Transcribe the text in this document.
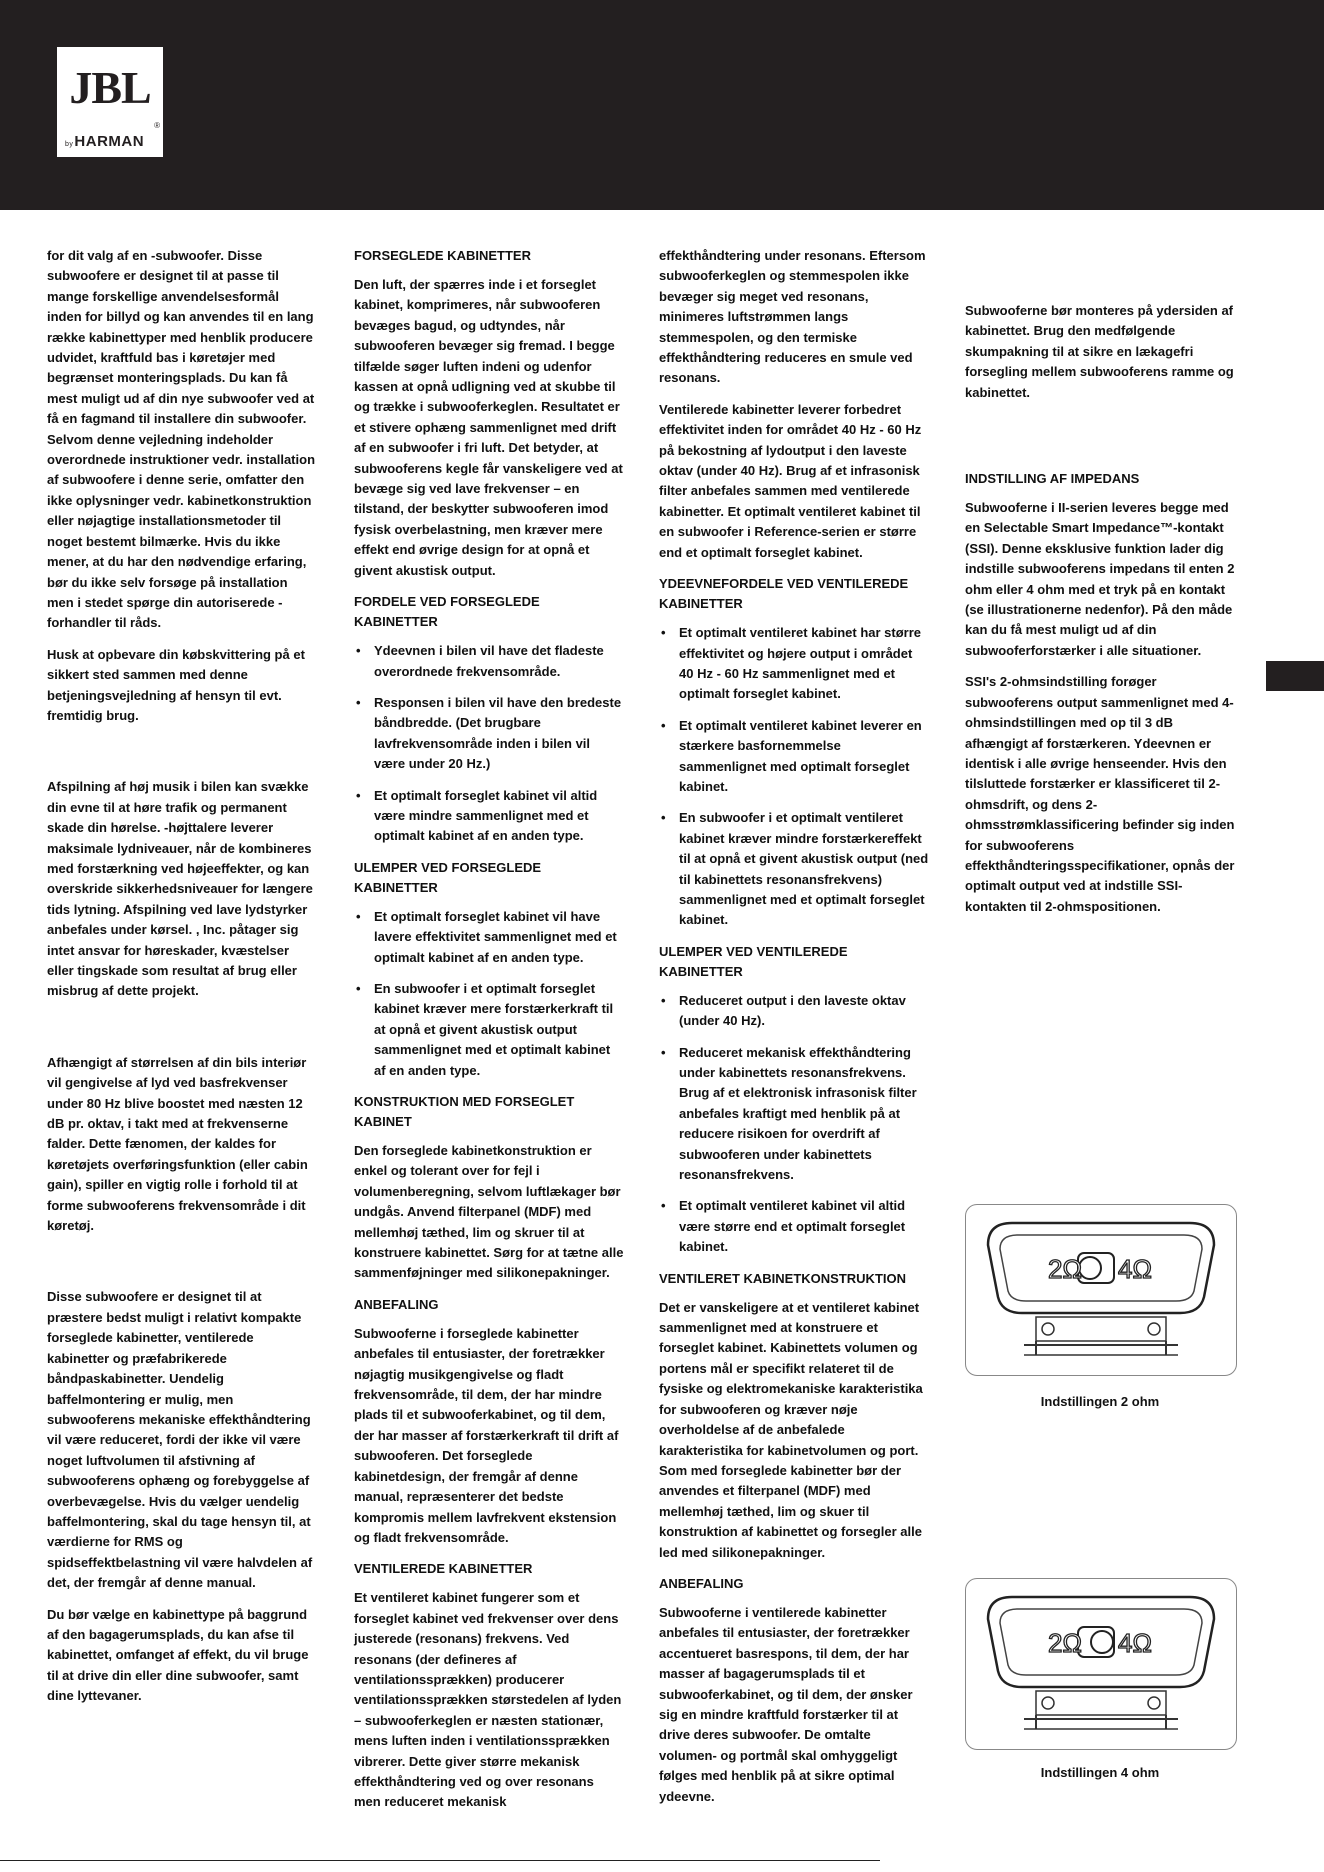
JBL
byHARMAN
®

for dit valg af en -subwoofer. Disse subwoofere er designet til at passe til mange forskellige anvendelsesformål inden for billyd og kan anvendes til en lang række kabinettyper med henblik producere udvidet, kraftfuld bas i køretøjer med begrænset monteringsplads. Du kan få mest muligt ud af din nye subwoofer ved at få en fagmand til installere din subwoofer. Selvom denne vejledning indeholder overordnede instruktioner vedr. installation af subwoofere i denne serie, omfatter den ikke oplysninger vedr. kabinetkonstruktion eller nøjagtige installationsmetoder til noget bestemt bilmærke. Hvis du ikke mener, at du har den nødvendige erfaring, bør du ikke selv forsøge på installation men i stedet spørge din autoriserede -forhandler til råds.

Husk at opbevare din købskvittering på et sikkert sted sammen med denne betjeningsvejledning af hensyn til evt. fremtidig brug.

Afspilning af høj musik i bilen kan svække din evne til at høre trafik og permanent skade din hørelse. -højttalere leverer maksimale lydniveauer, når de kombineres med forstærkning ved højeeffekter, og kan overskride sikkerhedsniveauer for længere tids lytning. Afspilning ved lave lydstyrker anbefales under kørsel. , Inc. påtager sig intet ansvar for høreskader, kvæstelser eller tingskade som resultat af brug eller misbrug af dette projekt.

Afhængigt af størrelsen af din bils interiør vil gengivelse af lyd ved basfrekvenser under 80 Hz blive boostet med næsten 12 dB pr. oktav, i takt med at frekvenserne falder. Dette fænomen, der kaldes for køretøjets overføringsfunktion (eller cabin gain), spiller en vigtig rolle i forhold til at forme subwooferens frekvensområde i dit køretøj.

Disse subwoofere er designet til at præstere bedst muligt i relativt kompakte forseglede kabinetter, ventilerede kabinetter og præfabrikerede båndpaskabinetter. Uendelig baffelmontering er mulig, men subwooferens mekaniske effekthåndtering vil være reduceret, fordi der ikke vil være noget luftvolumen til afstivning af subwooferens ophæng og forebyggelse af overbevægelse. Hvis du vælger uendelig baffelmontering, skal du tage hensyn til, at værdierne for RMS og spidseffektbelastning vil være halvdelen af det, der fremgår af denne manual.

Du bør vælge en kabinettype på baggrund af den bagagerumsplads, du kan afse til kabinettet, omfanget af effekt, du vil bruge til at drive din eller dine subwoofer, samt dine lyttevaner.

FORSEGLEDE KABINETTER

Den luft, der spærres inde i et forseglet kabinet, komprimeres, når subwooferen bevæges bagud, og udtyndes, når subwooferen bevæger sig fremad. I begge tilfælde søger luften indeni og udenfor kassen at opnå udligning ved at skubbe til og trække i subwooferkeglen. Resultatet er et stivere ophæng sammenlignet med drift af en subwoofer i fri luft. Det betyder, at subwooferens kegle får vanskeligere ved at bevæge sig ved lave frekvenser – en tilstand, der beskytter subwooferen imod fysisk overbelastning, men kræver mere effekt end øvrige design for at opnå et givent akustisk output.

FORDELE VED FORSEGLEDE KABINETTER
• Ydeevnen i bilen vil have det fladeste overordnede frekvensområde.
• Responsen i bilen vil have den bredeste båndbredde. (Det brugbare lavfrekvensområde inden i bilen vil være under 20 Hz.)
• Et optimalt forseglet kabinet vil altid være mindre sammenlignet med et optimalt kabinet af en anden type.
ULEMPER VED FORSEGLEDE KABINETTER
• Et optimalt forseglet kabinet vil have lavere effektivitet sammenlignet med et optimalt kabinet af en anden type.
• En subwoofer i et optimalt forseglet kabinet kræver mere forstærkerkraft til at opnå et givent akustisk output sammenlignet med et optimalt kabinet af en anden type.
KONSTRUKTION MED FORSEGLET KABINET

Den forseglede kabinetkonstruktion er enkel og tolerant over for fejl i volumenberegning, selvom luftlækager bør undgås. Anvend filterpanel (MDF) med mellemhøj tæthed, lim og skruer til at konstruere kabinettet. Sørg for at tætne alle sammenføjninger med silikonepakninger.

ANBEFALING

Subwooferne i forseglede kabinetter anbefales til entusiaster, der foretrækker nøjagtig musikgengivelse og fladt frekvensområde, til dem, der har mindre plads til et subwooferkabinet, og til dem, der har masser af forstærkerkraft til drift af subwooferen. Det forseglede kabinetdesign, der fremgår af denne manual, repræsenterer det bedste kompromis mellem lavfrekvent ekstension og fladt frekvensområde.

VENTILEREDE KABINETTER

Et ventileret kabinet fungerer som et forseglet kabinet ved frekvenser over dens justerede (resonans) frekvens. Ved resonans (der defineres af ventilationssprækken) producerer ventilationssprækken størstedelen af lyden – subwooferkeglen er næsten stationær, mens luften inden i ventilationssprækken vibrerer. Dette giver større mekanisk effekthåndtering ved og over resonans men reduceret mekanisk

effekthåndtering under resonans. Eftersom subwooferkeglen og stemmespolen ikke bevæger sig meget ved resonans, minimeres luftstrømmen langs stemmespolen, og den termiske effekthåndtering reduceres en smule ved resonans.

Ventilerede kabinetter leverer forbedret effektivitet inden for området 40 Hz - 60 Hz på bekostning af lydoutput i den laveste oktav (under 40 Hz). Brug af et infrasonisk filter anbefales sammen med ventilerede kabinetter. Et optimalt ventileret kabinet til en subwoofer i Reference-serien er større end et optimalt forseglet kabinet.

YDEEVNEFORDELE VED VENTILEREDE KABINETTER
• Et optimalt ventileret kabinet har større effektivitet og højere output i området 40 Hz - 60 Hz sammenlignet med et optimalt forseglet kabinet.
• Et optimalt ventileret kabinet leverer en stærkere basfornemmelse sammenlignet med optimalt forseglet kabinet.
• En subwoofer i et optimalt ventileret kabinet kræver mindre forstærkereffekt til at opnå et givent akustisk output (ned til kabinettets resonansfrekvens) sammenlignet med et optimalt forseglet kabinet.
ULEMPER VED VENTILEREDE KABINETTER
• Reduceret output i den laveste oktav (under 40 Hz).
• Reduceret mekanisk effekthåndtering under kabinettets resonansfrekvens. Brug af et elektronisk infrasonisk filter anbefales kraftigt med henblik på at reducere risikoen for overdrift af subwooferen under kabinettets resonansfrekvens.
• Et optimalt ventileret kabinet vil altid være større end et optimalt forseglet kabinet.
VENTILERET KABINETKONSTRUKTION

Det er vanskeligere at et ventileret kabinet sammenlignet med at konstruere et forseglet kabinet. Kabinettets volumen og portens mål er specifikt relateret til de fysiske og elektromekaniske karakteristika for subwooferen og kræver nøje overholdelse af de anbefalede karakteristika for kabinetvolumen og port. Som med forseglede kabinetter bør der anvendes et filterpanel (MDF) med mellemhøj tæthed, lim og skuer til konstruktion af kabinettet og forsegler alle led med silikonepakninger.

ANBEFALING

Subwooferne i ventilerede kabinetter anbefales til entusiaster, der foretrækker accentueret basrespons, til dem, der har masser af bagagerumsplads til et subwooferkabinet, og til dem, der ønsker sig en mindre kraftfuld forstærker til at drive deres subwoofer. De omtalte volumen- og portmål skal omhyggeligt følges med henblik på at sikre optimal ydeevne.

Subwooferne bør monteres på ydersiden af kabinettet. Brug den medfølgende skumpakning til at sikre en lækagefri forsegling mellem subwooferens ramme og kabinettet.

INDSTILLING AF IMPEDANS

Subwooferne i II-serien leveres begge med en Selectable Smart Impedance™-kontakt (SSI). Denne eksklusive funktion lader dig indstille subwooferens impedans til enten 2 ohm eller 4 ohm med et tryk på en kontakt (se illustrationerne nedenfor). På den måde kan du få mest muligt ud af din subwooferforstærker i alle situationer.

SSI's 2-ohmsindstilling forøger subwooferens output sammenlignet med 4-ohmsindstillingen med op til 3 dB afhængigt af forstærkeren. Ydeevnen er identisk i alle øvrige henseender. Hvis den tilsluttede forstærker er klassificeret til 2-ohmsdrift, og dens 2-ohmsstrømklassificering befinder sig inden for subwooferens effekthåndteringsspecifikationer, opnås der optimalt output ved at indstille SSI-kontakten til 2-ohmspositionen.

2Ω 4Ω
Indstillingen 2 ohm
2Ω 4Ω
Indstillingen 4 ohm
